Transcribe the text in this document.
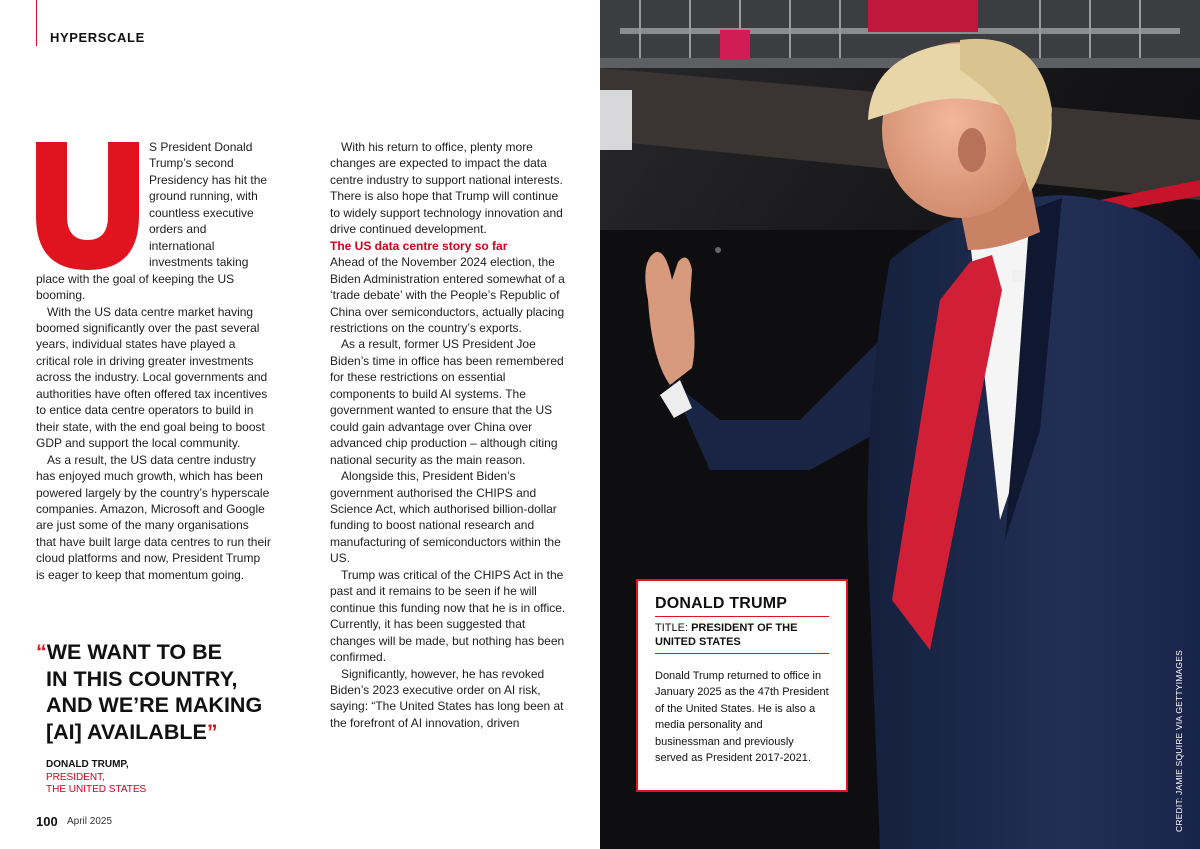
HYPERSCALE

S President Donald Trump’s second Presidency has hit the ground running, with countless executive orders and international investments taking place with the goal of keeping the US booming.

With the US data centre market having boomed significantly over the past several years, individual states have played a critical role in driving greater investments across the industry. Local governments and authorities have often offered tax incentives to entice data centre operators to build in their state, with the end goal being to boost GDP and support the local community.

As a result, the US data centre industry has enjoyed much growth, which has been powered largely by the country’s hyperscale companies. Amazon, Microsoft and Google are just some of the many organisations that have built large data centres to run their cloud platforms and now, President Trump is eager to keep that momentum going.

With his return to office, plenty more changes are expected to impact the data centre industry to support national interests. There is also hope that Trump will continue to widely support technology innovation and drive continued development.

The US data centre story so far

Ahead of the November 2024 election, the Biden Administration entered somewhat of a ‘trade debate’ with the People’s Republic of China over semiconductors, actually placing restrictions on the country’s exports.

As a result, former US President Joe Biden’s time in office has been remembered for these restrictions on essential components to build AI systems. The government wanted to ensure that the US could gain advantage over China over advanced chip production – although citing national security as the main reason.

Alongside this, President Biden’s government authorised the CHIPS and Science Act, which authorised billion-dollar funding to boost national research and manufacturing of semiconductors within the US.

Trump was critical of the CHIPS Act in the past and it remains to be seen if he will continue this funding now that he is in office. Currently, it has been suggested that changes will be made, but nothing has been confirmed.

Significantly, however, he has revoked Biden’s 2023 executive order on AI risk, saying: “The United States has long been at the forefront of AI innovation, driven

“WE WANT TO BE
IN THIS COUNTRY,
AND WE’RE MAKING
[AI] AVAILABLE”
DONALD TRUMP,
PRESIDENT,
THE UNITED STATES
100 April 2025
DONALD TRUMP
TITLE: PRESIDENT OF THE UNITED STATES
Donald Trump returned to office in January 2025 as the 47th President of the United States. He is also a media personality and businessman and previously served as President 2017-2021.	CREDIT: JAMIE SQUIRE VIA GETTYIMAGES
